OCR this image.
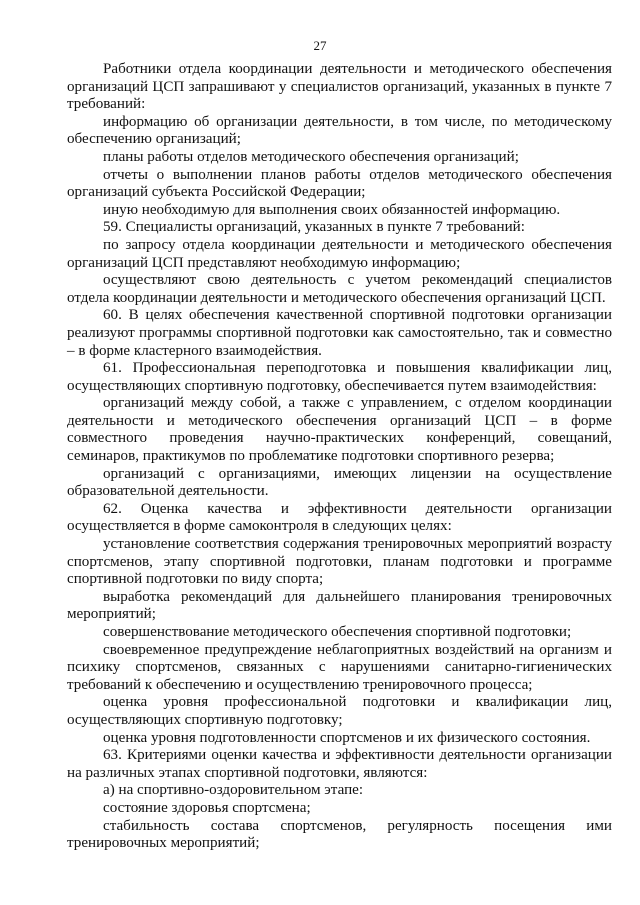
27

Работники отдела координации деятельности и методического обеспечения организаций ЦСП запрашивают у специалистов организаций, указанных в пункте 7 требований:

информацию об организации деятельности, в том числе, по методическому обеспечению организаций;

планы работы отделов методического обеспечения организаций;

отчеты о выполнении планов работы отделов методического обеспечения организаций субъекта Российской Федерации;

иную необходимую для выполнения своих обязанностей информацию.

59. Специалисты организаций, указанных в пункте 7 требований:

по запросу отдела координации деятельности и методического обеспечения организаций ЦСП представляют необходимую информацию;

осуществляют свою деятельность с учетом рекомендаций специалистов отдела координации деятельности и методического обеспечения организаций ЦСП.

60. В целях обеспечения качественной спортивной подготовки организации реализуют программы спортивной подготовки как самостоятельно, так и совместно – в форме кластерного взаимодействия.

61. Профессиональная переподготовка и повышения квалификации лиц, осуществляющих спортивную подготовку, обеспечивается путем взаимодействия:

организаций между собой, а также с управлением, с отделом координации деятельности и методического обеспечения организаций ЦСП – в форме совместного проведения научно-практических конференций, совещаний, семинаров, практикумов по проблематике подготовки спортивного резерва;

организаций с организациями, имеющих лицензии на осуществление образовательной деятельности.

62. Оценка качества и эффективности деятельности организации осуществляется в форме самоконтроля в следующих целях:

установление соответствия содержания тренировочных мероприятий возрасту спортсменов, этапу спортивной подготовки, планам подготовки и программе спортивной подготовки по виду спорта;

выработка рекомендаций для дальнейшего планирования тренировочных мероприятий;

совершенствование методического обеспечения спортивной подготовки;

своевременное предупреждение неблагоприятных воздействий на организм и психику спортсменов, связанных с нарушениями санитарно-гигиенических требований к обеспечению и осуществлению тренировочного процесса;

оценка уровня профессиональной подготовки и квалификации лиц, осуществляющих спортивную подготовку;

оценка уровня подготовленности спортсменов и их физического состояния.

63. Критериями оценки качества и эффективности деятельности организации на различных этапах спортивной подготовки, являются:

а) на спортивно-оздоровительном этапе:

состояние здоровья спортсмена;

стабильность состава спортсменов, регулярность посещения ими тренировочных мероприятий;
